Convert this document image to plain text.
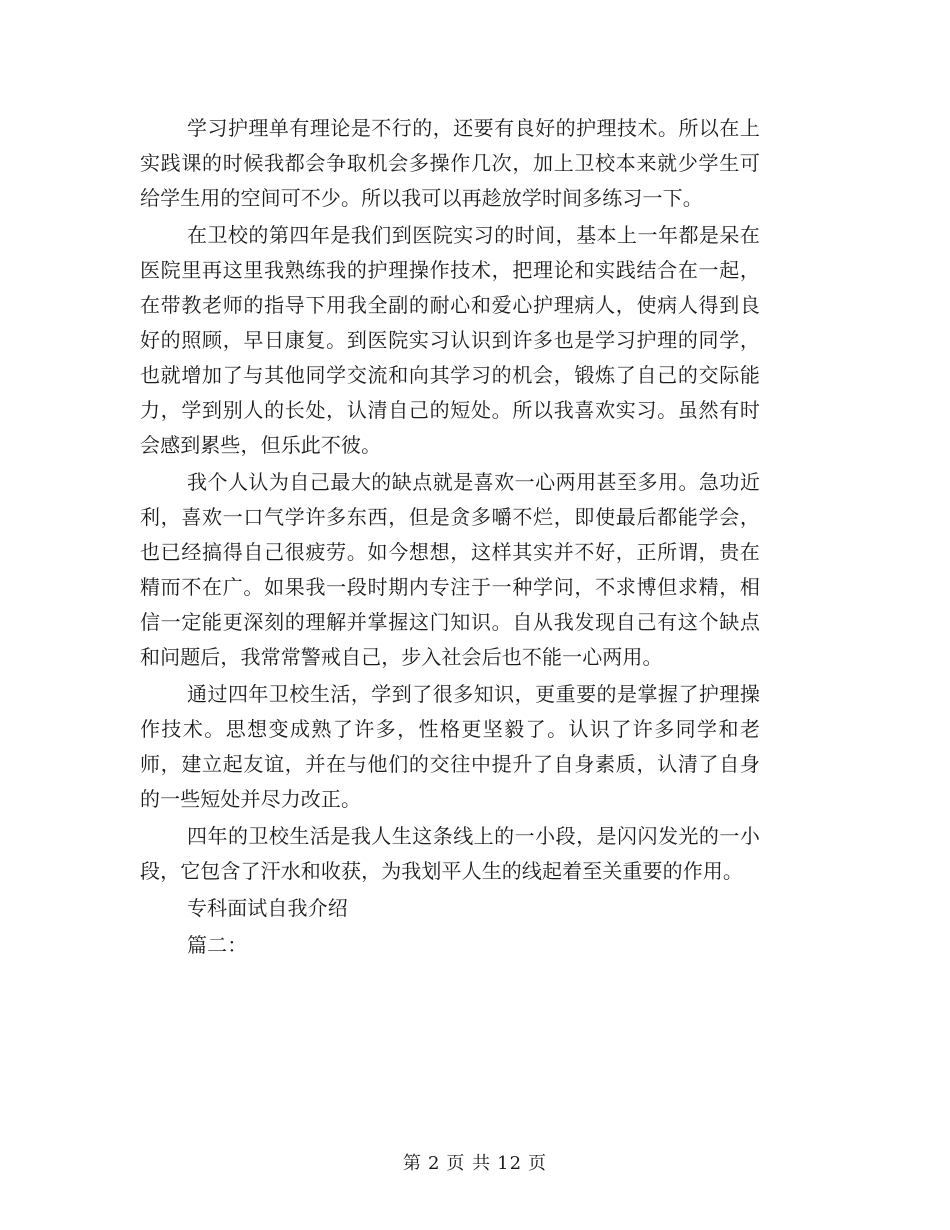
学习护理单有理论是不行的，还要有良好的护理技术。所以在上实践课的时候我都会争取机会多操作几次，加上卫校本来就少学生可给学生用的空间可不少。所以我可以再趁放学时间多练习一下。

在卫校的第四年是我们到医院实习的时间，基本上一年都是呆在医院里再这里我熟练我的护理操作技术，把理论和实践结合在一起，在带教老师的指导下用我全副的耐心和爱心护理病人，使病人得到良好的照顾，早日康复。到医院实习认识到许多也是学习护理的同学，也就增加了与其他同学交流和向其学习的机会，锻炼了自己的交际能力，学到别人的长处，认清自己的短处。所以我喜欢实习。虽然有时会感到累些，但乐此不彼。

我个人认为自己最大的缺点就是喜欢一心两用甚至多用。急功近利，喜欢一口气学许多东西，但是贪多嚼不烂，即使最后都能学会，也已经搞得自己很疲劳。如今想想，这样其实并不好，正所谓，贵在精而不在广。如果我一段时期内专注于一种学问，不求博但求精，相信一定能更深刻的理解并掌握这门知识。自从我发现自己有这个缺点和问题后，我常常警戒自己，步入社会后也不能一心两用。

通过四年卫校生活，学到了很多知识，更重要的是掌握了护理操作技术。思想变成熟了许多，性格更坚毅了。认识了许多同学和老师，建立起友谊，并在与他们的交往中提升了自身素质，认清了自身的一些短处并尽力改正。

四年的卫校生活是我人生这条线上的一小段，是闪闪发光的一小段，它包含了汗水和收获，为我划平人生的线起着至关重要的作用。

专科面试自我介绍

篇二：

第 2 页 共 12 页
